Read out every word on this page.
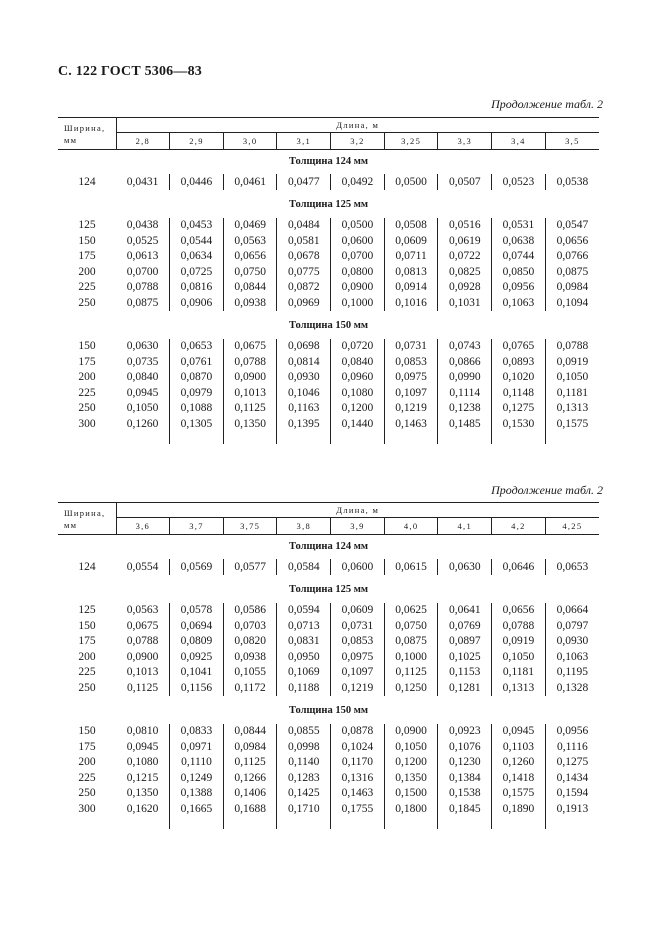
С. 122 ГОСТ 5306—83
Продолжение табл. 2
Ширина, мм	Длина, м								
	2,8	2,9	3,0	3,1	3,2	3,25	3,3	3,4	3,5
Толщина 124 мм									
124	0,0431	0,0446	0,0461	0,0477	0,0492	0,0500	0,0507	0,0523	0,0538
Толщина 125 мм									
125	0,0438	0,0453	0,0469	0,0484	0,0500	0,0508	0,0516	0,0531	0,0547
150	0,0525	0,0544	0,0563	0,0581	0,0600	0,0609	0,0619	0,0638	0,0656
175	0,0613	0,0634	0,0656	0,0678	0,0700	0,0711	0,0722	0,0744	0,0766
200	0,0700	0,0725	0,0750	0,0775	0,0800	0,0813	0,0825	0,0850	0,0875
225	0,0788	0,0816	0,0844	0,0872	0,0900	0,0914	0,0928	0,0956	0,0984
250	0,0875	0,0906	0,0938	0,0969	0,1000	0,1016	0,1031	0,1063	0,1094
Толщина 150 мм									
150	0,0630	0,0653	0,0675	0,0698	0,0720	0,0731	0,0743	0,0765	0,0788
175	0,0735	0,0761	0,0788	0,0814	0,0840	0,0853	0,0866	0,0893	0,0919
200	0,0840	0,0870	0,0900	0,0930	0,0960	0,0975	0,0990	0,1020	0,1050
225	0,0945	0,0979	0,1013	0,1046	0,1080	0,1097	0,1114	0,1148	0,1181
250	0,1050	0,1088	0,1125	0,1163	0,1200	0,1219	0,1238	0,1275	0,1313
300	0,1260	0,1305	0,1350	0,1395	0,1440	0,1463	0,1485	0,1530	0,1575

Продолжение табл. 2
Ширина, мм	Длина, м								
	3,6	3,7	3,75	3,8	3,9	4,0	4,1	4,2	4,25
Толщина 124 мм									
124	0,0554	0,0569	0,0577	0,0584	0,0600	0,0615	0,0630	0,0646	0,0653
Толщина 125 мм									
125	0,0563	0,0578	0,0586	0,0594	0,0609	0,0625	0,0641	0,0656	0,0664
150	0,0675	0,0694	0,0703	0,0713	0,0731	0,0750	0,0769	0,0788	0,0797
175	0,0788	0,0809	0,0820	0,0831	0,0853	0,0875	0,0897	0,0919	0,0930
200	0,0900	0,0925	0,0938	0,0950	0,0975	0,1000	0,1025	0,1050	0,1063
225	0,1013	0,1041	0,1055	0,1069	0,1097	0,1125	0,1153	0,1181	0,1195
250	0,1125	0,1156	0,1172	0,1188	0,1219	0,1250	0,1281	0,1313	0,1328
Толщина 150 мм									
150	0,0810	0,0833	0,0844	0,0855	0,0878	0,0900	0,0923	0,0945	0,0956
175	0,0945	0,0971	0,0984	0,0998	0,1024	0,1050	0,1076	0,1103	0,1116
200	0,1080	0,1110	0,1125	0,1140	0,1170	0,1200	0,1230	0,1260	0,1275
225	0,1215	0,1249	0,1266	0,1283	0,1316	0,1350	0,1384	0,1418	0,1434
250	0,1350	0,1388	0,1406	0,1425	0,1463	0,1500	0,1538	0,1575	0,1594
300	0,1620	0,1665	0,1688	0,1710	0,1755	0,1800	0,1845	0,1890	0,1913
